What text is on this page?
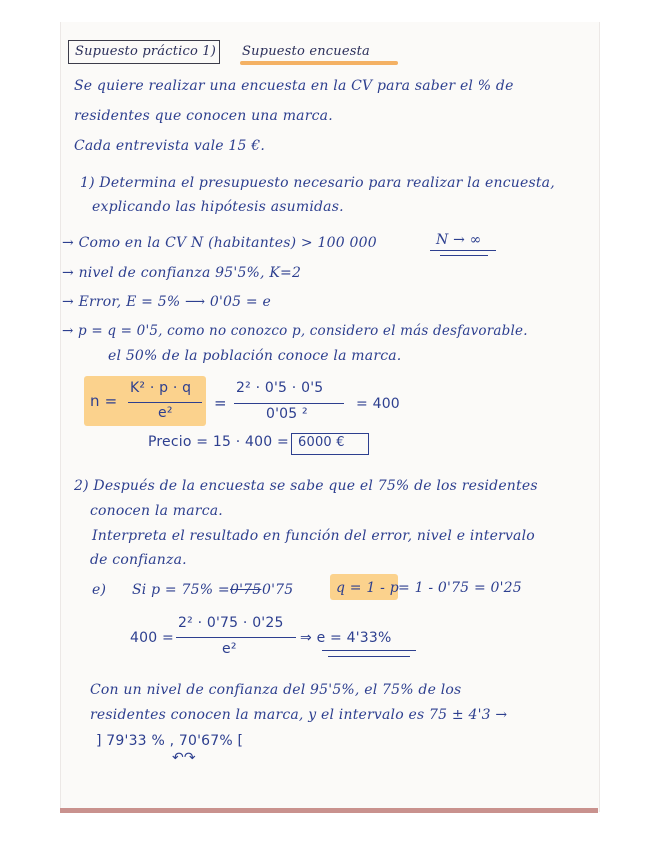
Supuesto práctico 1) Supuesto encuesta
Se quiere realizar una encuesta en la CV para saber el % de
residentes que conocen una marca.
Cada entrevista vale 15 €.
1) Determina el presupuesto necesario para realizar la encuesta,
explicando las hipótesis asumidas.
→ Como en la CV N (habitantes) > 100 000	N → ∞
→ nivel de confianza 95'5%, K=2
→ Error, E = 5% ⟶ 0'05 = e
→ p = q = 0'5, como no conozco p, considero el más desfavorable.
el 50% de la población conoce la marca.
n =
K² · p · q
e²
=
2² · 0'5 · 0'5
0'05 ²
= 400
Precio = 15 · 400 = 6000 €
2) Después de la encuesta se sabe que el 75% de los residentes
conocen la marca.
Interpreta el resultado en función del error, nivel e intervalo
de confianza.
e) Si p = 75% = 0'75 0'75	q = 1 - p = 1 - 0'75 = 0'25
400 =
2² · 0'75 · 0'25
e²
⇒ e = 4'33%
Con un nivel de confianza del 95'5%, el 75% de los
residentes conocen la marca, y el intervalo es 75 ± 4'3 →
] 79'33 % , 70'67% [
↶↷
